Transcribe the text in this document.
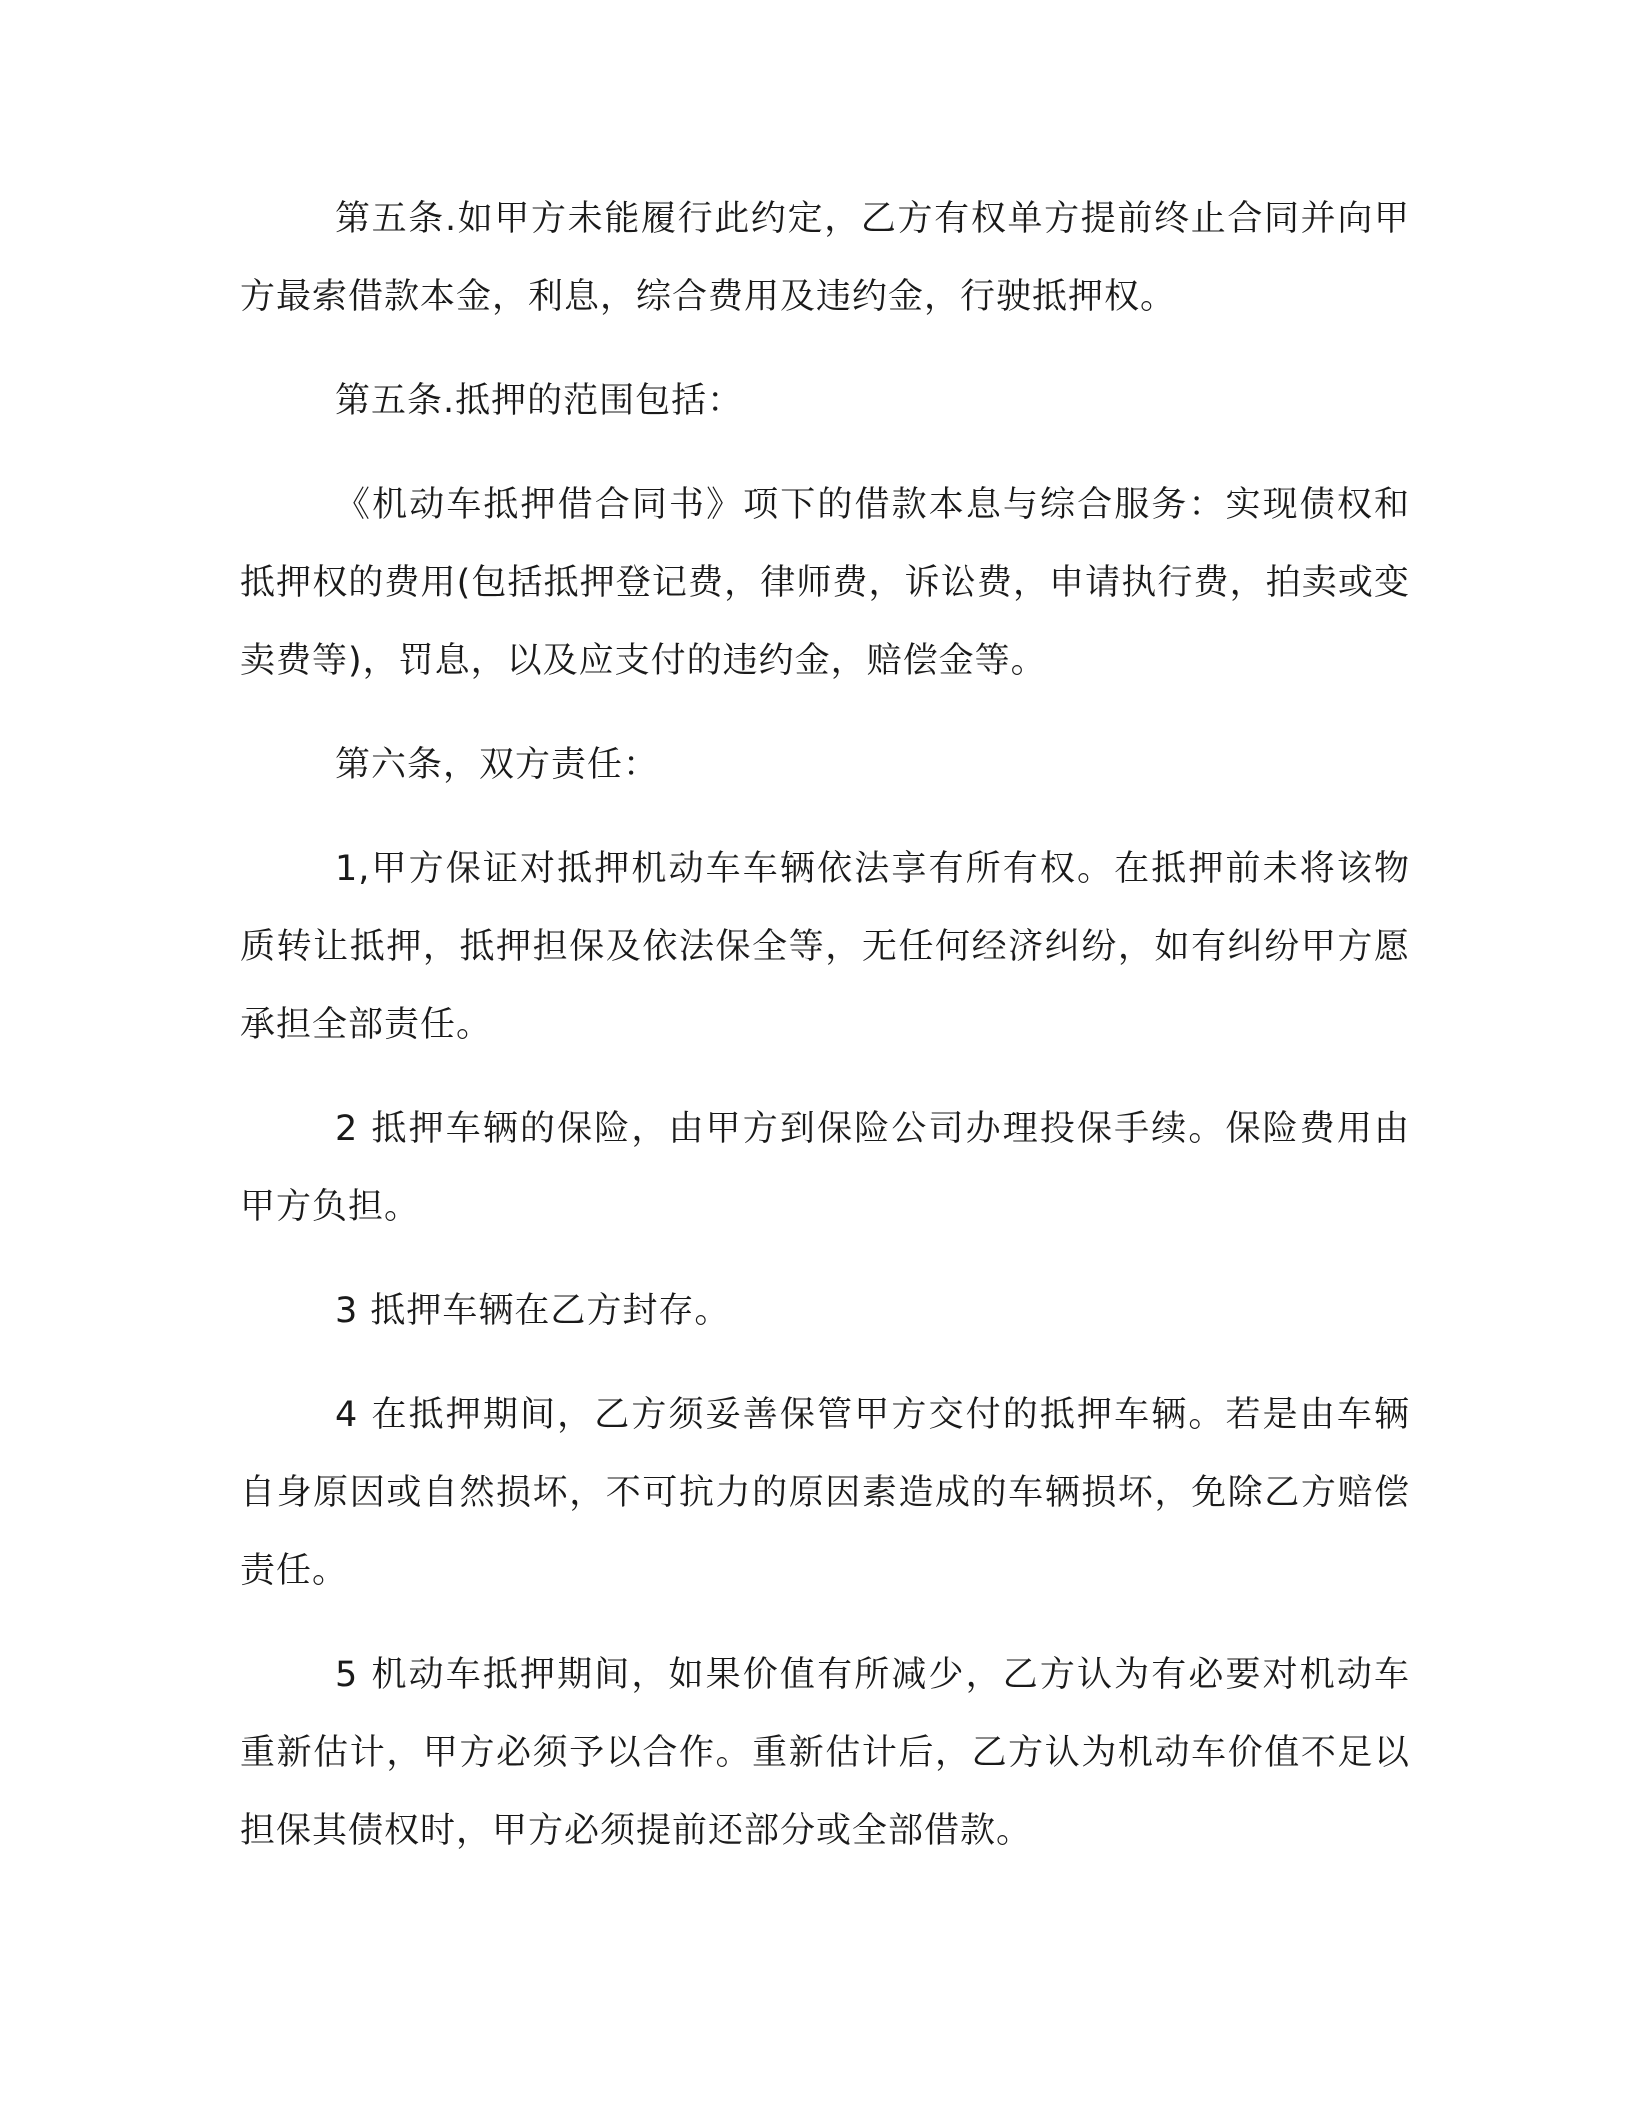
第五条.如甲方未能履行此约定，乙方有权单方提前终止合同并向甲方最索借款本金，利息，综合费用及违约金，行驶抵押权。

第五条.抵押的范围包括：

《机动车抵押借合同书》项下的借款本息与综合服务：实现债权和抵押权的费用(包括抵押登记费，律师费，诉讼费，申请执行费，拍卖或变卖费等)，罚息，以及应支付的违约金，赔偿金等。

第六条，双方责任：

1,甲方保证对抵押机动车车辆依法享有所有权。在抵押前未将该物质转让抵押，抵押担保及依法保全等，无任何经济纠纷，如有纠纷甲方愿承担全部责任。

2 抵押车辆的保险，由甲方到保险公司办理投保手续。保险费用由甲方负担。

3 抵押车辆在乙方封存。

4 在抵押期间，乙方须妥善保管甲方交付的抵押车辆。若是由车辆自身原因或自然损坏，不可抗力的原因素造成的车辆损坏，免除乙方赔偿责任。

5 机动车抵押期间，如果价值有所减少，乙方认为有必要对机动车重新估计，甲方必须予以合作。重新估计后，乙方认为机动车价值不足以担保其债权时，甲方必须提前还部分或全部借款。
